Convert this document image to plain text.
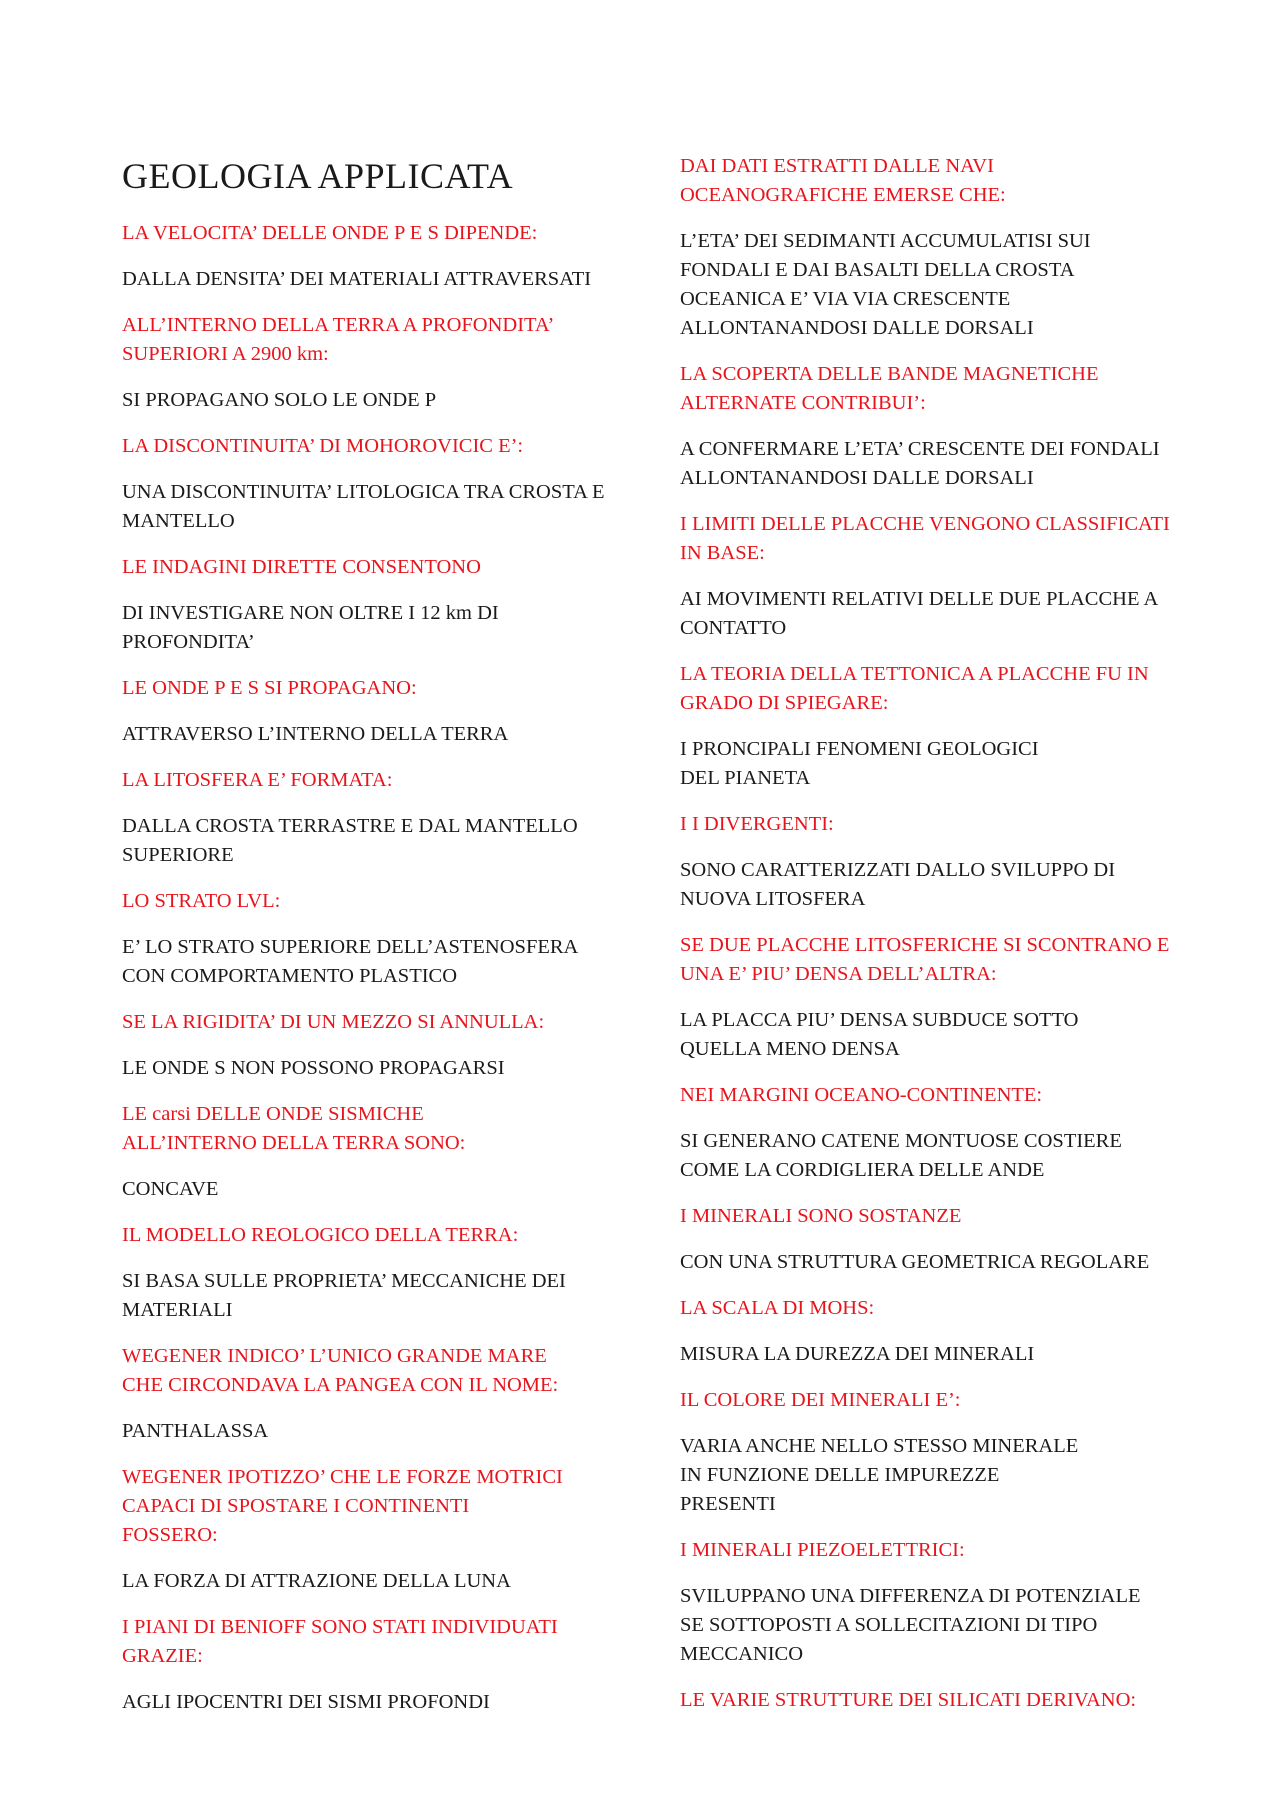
GEOLOGIA APPLICATA
LA VELOCITA’ DELLE ONDE P E S DIPENDE:
DALLA DENSITA’ DEI MATERIALI ATTRAVERSATI
ALL’INTERNO DELLA TERRA A PROFONDITA’
SUPERIORI A 2900 km:
SI PROPAGANO SOLO LE ONDE P
LA DISCONTINUITA’ DI MOHOROVICIC E’:
UNA DISCONTINUITA’ LITOLOGICA TRA CROSTA E
MANTELLO
LE INDAGINI DIRETTE CONSENTONO
DI INVESTIGARE NON OLTRE I 12 km DI
PROFONDITA’
LE ONDE P E S SI PROPAGANO:
ATTRAVERSO L’INTERNO DELLA TERRA
LA LITOSFERA E’ FORMATA:
DALLA CROSTA TERRASTRE E DAL MANTELLO
SUPERIORE
LO STRATO LVL:
E’ LO STRATO SUPERIORE DELL’ASTENOSFERA
CON COMPORTAMENTO PLASTICO
SE LA RIGIDITA’ DI UN MEZZO SI ANNULLA:
LE ONDE S NON POSSONO PROPAGARSI
LE carsi DELLE ONDE SISMICHE
ALL’INTERNO DELLA TERRA SONO:
CONCAVE
IL MODELLO REOLOGICO DELLA TERRA:
SI BASA SULLE PROPRIETA’ MECCANICHE DEI
MATERIALI
WEGENER INDICO’ L’UNICO GRANDE MARE
CHE CIRCONDAVA LA PANGEA CON IL NOME:
PANTHALASSA
WEGENER IPOTIZZO’ CHE LE FORZE MOTRICI
CAPACI DI SPOSTARE I CONTINENTI
FOSSERO:
LA FORZA DI ATTRAZIONE DELLA LUNA
I PIANI DI BENIOFF SONO STATI INDIVIDUATI
GRAZIE:
AGLI IPOCENTRI DEI SISMI PROFONDI
DAI DATI ESTRATTI DALLE NAVI
OCEANOGRAFICHE EMERSE CHE:
L’ETA’ DEI SEDIMANTI ACCUMULATISI SUI
FONDALI E DAI BASALTI DELLA CROSTA
OCEANICA E’ VIA VIA CRESCENTE
ALLONTANANDOSI DALLE DORSALI
LA SCOPERTA DELLE BANDE MAGNETICHE
ALTERNATE CONTRIBUI’:
A CONFERMARE L’ETA’ CRESCENTE DEI FONDALI
ALLONTANANDOSI DALLE DORSALI
I LIMITI DELLE PLACCHE VENGONO CLASSIFICATI
IN BASE:
AI MOVIMENTI RELATIVI DELLE DUE PLACCHE A
CONTATTO
LA TEORIA DELLA TETTONICA A PLACCHE FU IN
GRADO DI SPIEGARE:
I PRONCIPALI FENOMENI GEOLOGICI
DEL PIANETA
I I DIVERGENTI:
SONO CARATTERIZZATI DALLO SVILUPPO DI
NUOVA LITOSFERA
SE DUE PLACCHE LITOSFERICHE SI SCONTRANO E
UNA E’ PIU’ DENSA DELL’ALTRA:
LA PLACCA PIU’ DENSA SUBDUCE SOTTO
QUELLA MENO DENSA
NEI MARGINI OCEANO-CONTINENTE:
SI GENERANO CATENE MONTUOSE COSTIERE
COME LA CORDIGLIERA DELLE ANDE
I MINERALI SONO SOSTANZE
CON UNA STRUTTURA GEOMETRICA REGOLARE
LA SCALA DI MOHS:
MISURA LA DUREZZA DEI MINERALI
IL COLORE DEI MINERALI E’:
VARIA ANCHE NELLO STESSO MINERALE
IN FUNZIONE DELLE IMPUREZZE
PRESENTI
I MINERALI PIEZOELETTRICI:
SVILUPPANO UNA DIFFERENZA DI POTENZIALE
SE SOTTOPOSTI A SOLLECITAZIONI DI TIPO
MECCANICO
LE VARIE STRUTTURE DEI SILICATI DERIVANO:
